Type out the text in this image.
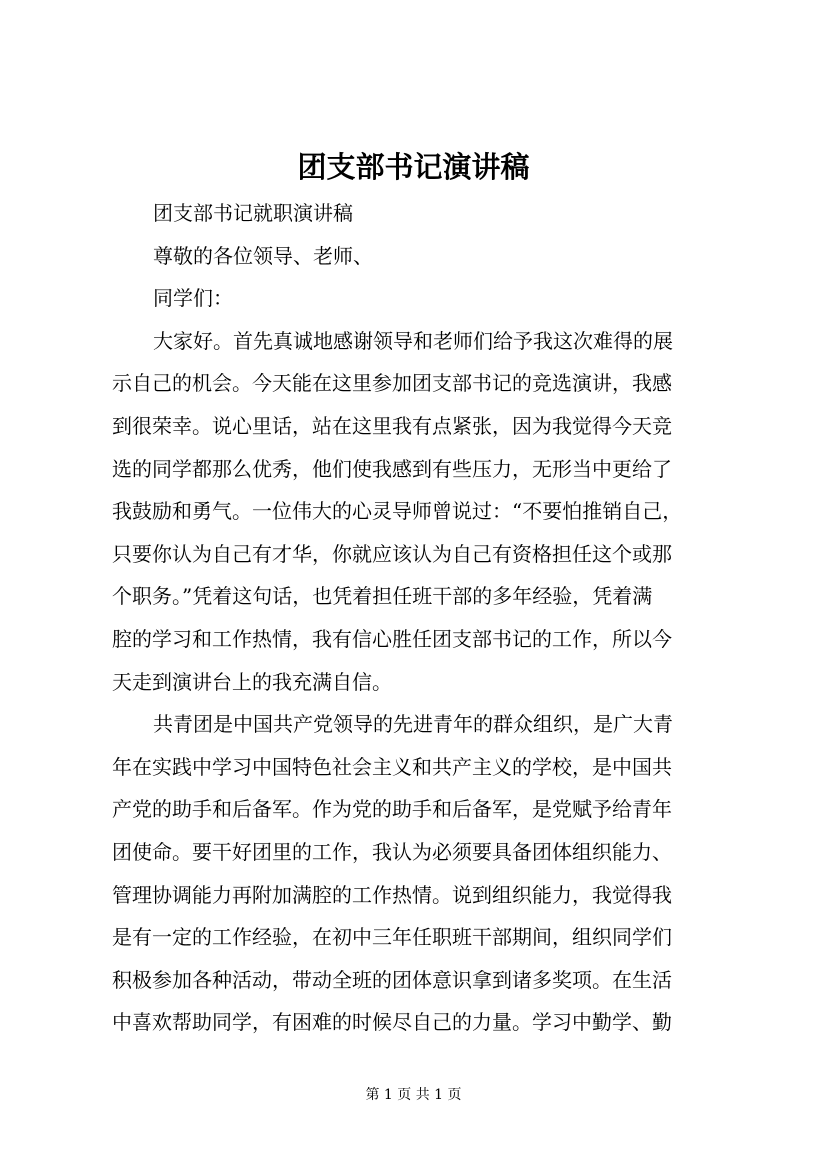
团支部书记演讲稿
团支部书记就职演讲稿
尊敬的各位领导、老师、
同学们：
大家好。首先真诚地感谢领导和老师们给予我这次难得的展
示自己的机会。今天能在这里参加团支部书记的竞选演讲，我感
到很荣幸。说心里话，站在这里我有点紧张，因为我觉得今天竞
选的同学都那么优秀，他们使我感到有些压力，无形当中更给了
我鼓励和勇气。一位伟大的心灵导师曾说过：“不要怕推销自己，
只要你认为自己有才华，你就应该认为自己有资格担任这个或那
个职务。”凭着这句话，也凭着担任班干部的多年经验，凭着满
腔的学习和工作热情，我有信心胜任团支部书记的工作，所以今
天走到演讲台上的我充满自信。
共青团是中国共产党领导的先进青年的群众组织，是广大青
年在实践中学习中国特色社会主义和共产主义的学校，是中国共
产党的助手和后备军。作为党的助手和后备军，是党赋予给青年
团使命。要干好团里的工作，我认为必须要具备团体组织能力、
管理协调能力再附加满腔的工作热情。说到组织能力，我觉得我
是有一定的工作经验，在初中三年任职班干部期间，组织同学们
积极参加各种活动，带动全班的团体意识拿到诸多奖项。在生活
中喜欢帮助同学，有困难的时候尽自己的力量。学习中勤学、勤
第 1 页 共 1 页
